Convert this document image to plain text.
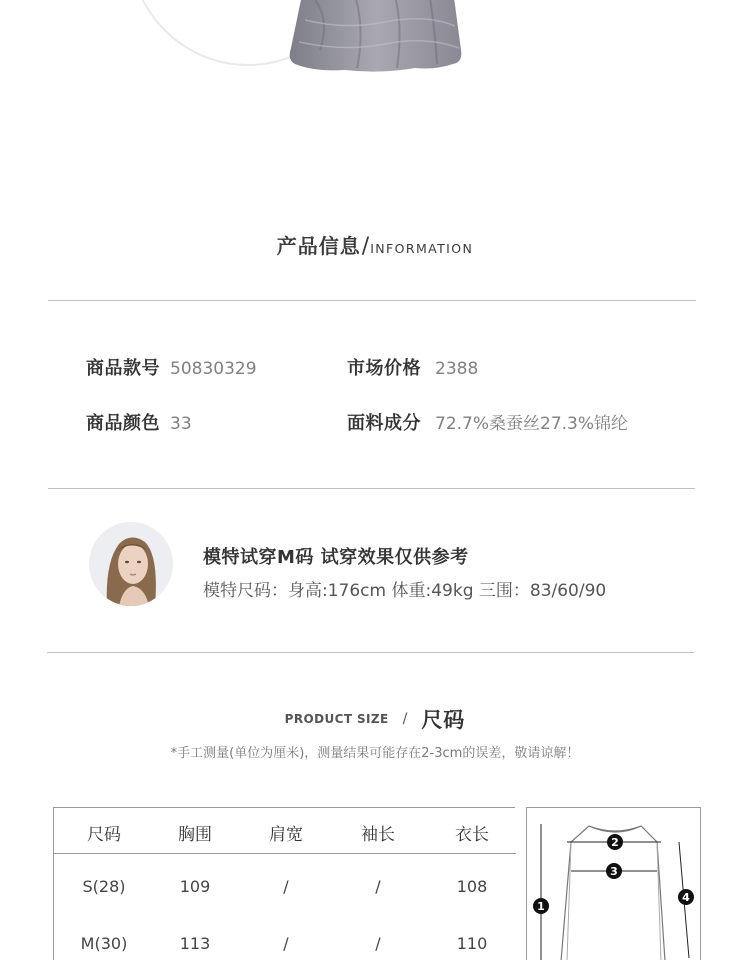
产品信息/INFORMATION
商品款号 50830329	市场价格 2388
商品颜色 33	面料成分 72.7%桑蚕丝27.3%锦纶
模特试穿M码 试穿效果仅供参考
模特尺码：身高:176cm 体重:49kg 三围：83/60/90
PRODUCT SIZE / 尺码
*手工测量(单位为厘米)，测量结果可能存在2-3cm的误差，敬请谅解！
尺码	胸围	肩宽	袖长	衣长
S(28)	109	/	/	108
M(30)	113	/	/	110
1
2
3
4
